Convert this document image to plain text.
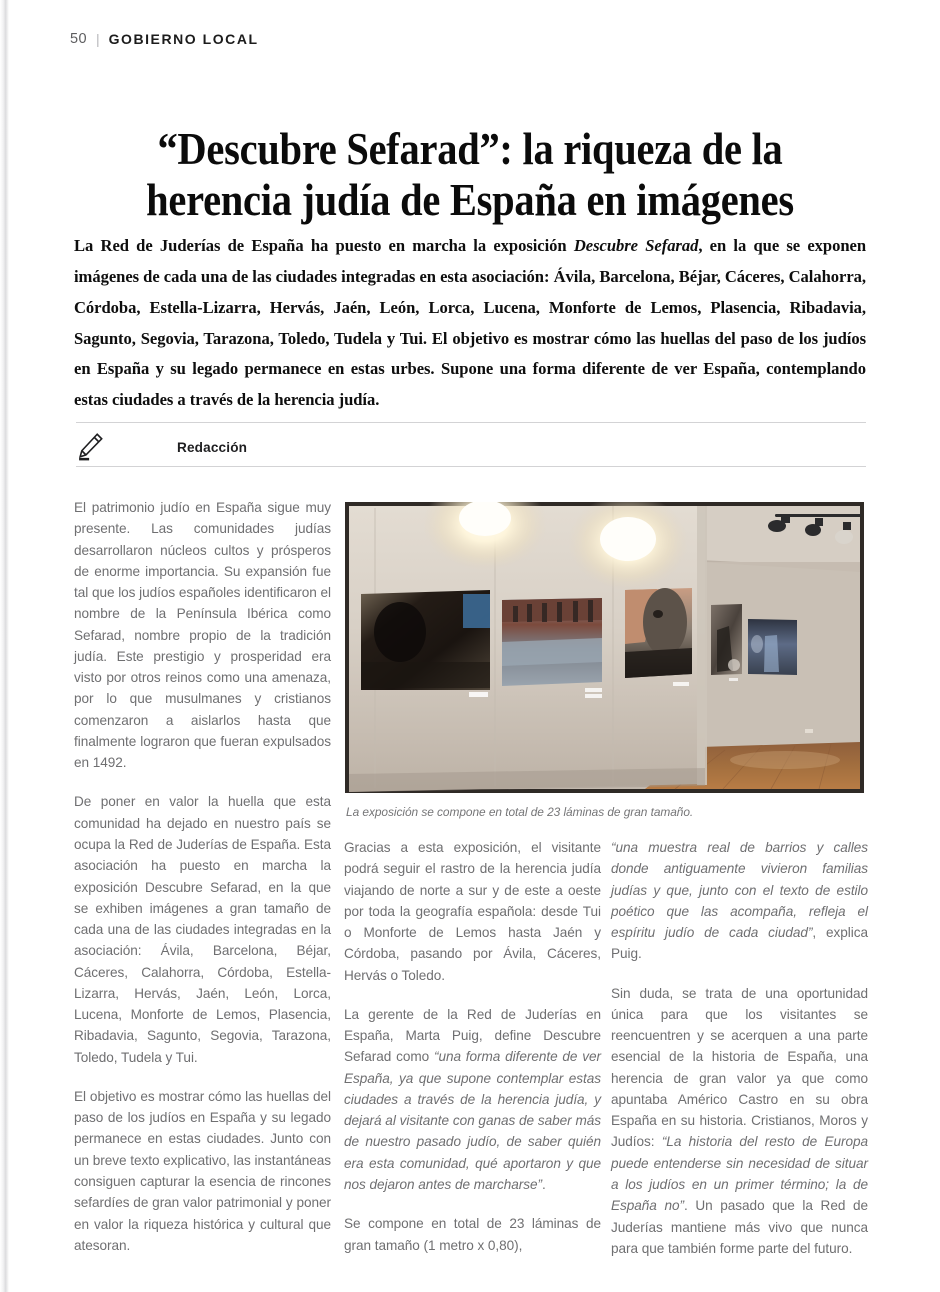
50 | GOBIERNO LOCAL
“Descubre Sefarad”: la riqueza de la herencia judía de España en imágenes
La Red de Juderías de España ha puesto en marcha la exposición Descubre Sefarad, en la que se exponen imágenes de cada una de las ciudades integradas en esta asociación: Ávila, Barcelona, Béjar, Cáceres, Calahorra, Córdoba, Estella-Lizarra, Hervás, Jaén, León, Lorca, Lucena, Monforte de Lemos, Plasencia, Ribadavia, Sagunto, Segovia, Tarazona, Toledo, Tudela y Tui. El objetivo es mostrar cómo las huellas del paso de los judíos en España y su legado permanece en estas urbes. Supone una forma diferente de ver España, contemplando estas ciudades a través de la herencia judía.
Redacción
La exposición se compone en total de 23 láminas de gran tamaño.

El patrimonio judío en España sigue muy presente. Las comunidades judías desarrollaron núcleos cultos y prósperos de enorme importancia. Su expansión fue tal que los judíos españoles identificaron el nombre de la Península Ibérica como Sefarad, nombre propio de la tradición judía. Este prestigio y prosperidad era visto por otros reinos como una amenaza, por lo que musulmanes y cristianos comenzaron a aislarlos hasta que finalmente lograron que fueran expulsados en 1492.

De poner en valor la huella que esta comunidad ha dejado en nuestro país se ocupa la Red de Juderías de España. Esta asociación ha puesto en marcha la exposición Descubre Sefarad, en la que se exhiben imágenes a gran tamaño de cada una de las ciudades integradas en la asociación: Ávila, Barcelona, Béjar, Cáceres, Calahorra, Córdoba, Estella-Lizarra, Hervás, Jaén, León, Lorca, Lucena, Monforte de Lemos, Plasencia, Ribadavia, Sagunto, Segovia, Tarazona, Toledo, Tudela y Tui.

El objetivo es mostrar cómo las huellas del paso de los judíos en España y su legado permanece en estas ciudades. Junto con un breve texto explicativo, las instantáneas consiguen capturar la esencia de rincones sefardíes de gran valor patrimonial y poner en valor la riqueza histórica y cultural que atesoran.

Gracias a esta exposición, el visitante podrá seguir el rastro de la herencia judía viajando de norte a sur y de este a oeste por toda la geografía española: desde Tui o Monforte de Lemos hasta Jaén y Córdoba, pasando por Ávila, Cáceres, Hervás o Toledo.

La gerente de la Red de Juderías en España, Marta Puig, define Descubre Sefarad como “una forma diferente de ver España, ya que supone contemplar estas ciudades a través de la herencia judía, y dejará al visitante con ganas de saber más de nuestro pasado judío, de saber quién era esta comunidad, qué aportaron y que nos dejaron antes de marcharse”.

Se compone en total de 23 láminas de gran tamaño (1 metro x 0,80),

“una muestra real de barrios y calles donde antiguamente vivieron familias judías y que, junto con el texto de estilo poético que las acompaña, refleja el espíritu judío de cada ciudad”, explica Puig.

Sin duda, se trata de una oportunidad única para que los visitantes se reencuentren y se acerquen a una parte esencial de la historia de España, una herencia de gran valor ya que como apuntaba Américo Castro en su obra España en su historia. Cristianos, Moros y Judíos: “La historia del resto de Europa puede entenderse sin necesidad de situar a los judíos en un primer término; la de España no”. Un pasado que la Red de Juderías mantiene más vivo que nunca para que también forme parte del futuro.
